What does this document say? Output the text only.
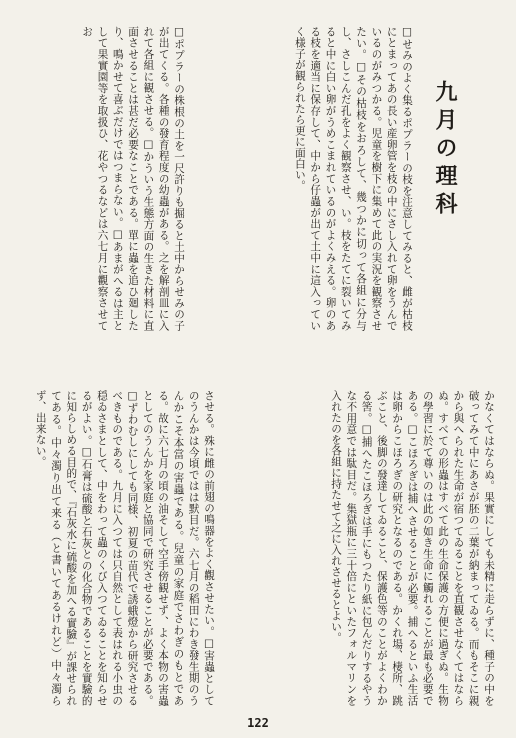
九月の理科

□せみのよく集るポプラーの枝を注意してみると、雌が枯枝にとまってあの長い産卵管を枝の中にさし入れて卵をうんでいるのがみつかる。児童を樹下に集めて此の実況を観察させたい。□その枯枝をおろして、幾つかに切って各組に分与し、さしこんだ孔をよく観察させ、い。枝をたてに裂いてみると中に白い卵がうめこまれているのがよくみえる。卵のある枝を適当に保存して、中から仔蟲が出て土中に這入っていく様子が観られたら更に面白い。

□ポプラーの株根の土を一尺許りも掘ると土中からせみの子が出てくる。各種の發育程度の幼蟲がある。之を解剖皿に入れて各組に観させる。□かういう生態方面の生きた材料に直面させることは甚だ必要なことである。單に蟲を追ひ廻したり、鳴かせて喜ぶだけではつまらない。□あまがへるは主として果實園等を取扱ひ、花やつるなどは六七月に觀察させてお

かなくてはならぬ。果實にしても未精に走らずに、種子の中を破ってみて中にあさが胚の二葉が納まってゐる。而もそこに親から與へられた生命が宿つてゐることを直観させなくてはならぬ。すべての形蟲はすべて此の生命保護の方便に過ぎぬ。生物の學習に於て尊いのは此の如き生命に觸れることが最も必要である。□こほろぎは捕へさせることが必要。捕へるといふ生活は卵からこほろぎの研究となるのである。かくれ場、棲所、跳ぶこと、後脚の發達してゐること、保護色等のことがよくわかる筈。□捕へたこほろぎは手にもつたり紙に包んだりするやうな不用意では駄目だ。集獄瓶に三十倍にといたフォルマリンを入れたのを各組に持たせて之に入れさせるとよい。

させる。殊に雌の前翅の鳴器をよく觀させたい。□害蟲としてのうんかは今頃ではは默目だ。六七月の稻田にわき發生期のうんかこそ本當の害蟲である。兒童の家庭でさわぎのもとである。故に六七月の頃の油そして空手傍観せず、よく本物の害蟲としてのうんかを家庭と協同で研究させることが必要である。□ずわむしにしても同様、初夏の苗代で誘蛾燈から研究させるべきものである。九月に入つては只自然として表はれる小虫の穏ゐさまとして、中をわって蟲のくび入つてゐることを知らせるがよい。□石膏は硫酸と石灰との化合物であることを實驗的に知らしめる目的で、『石灰水に硫酸を加へる實驗』が課せられてある。中々濁り出て来る（と書いてあるけれど）中々濁らず、出来ない。

122
